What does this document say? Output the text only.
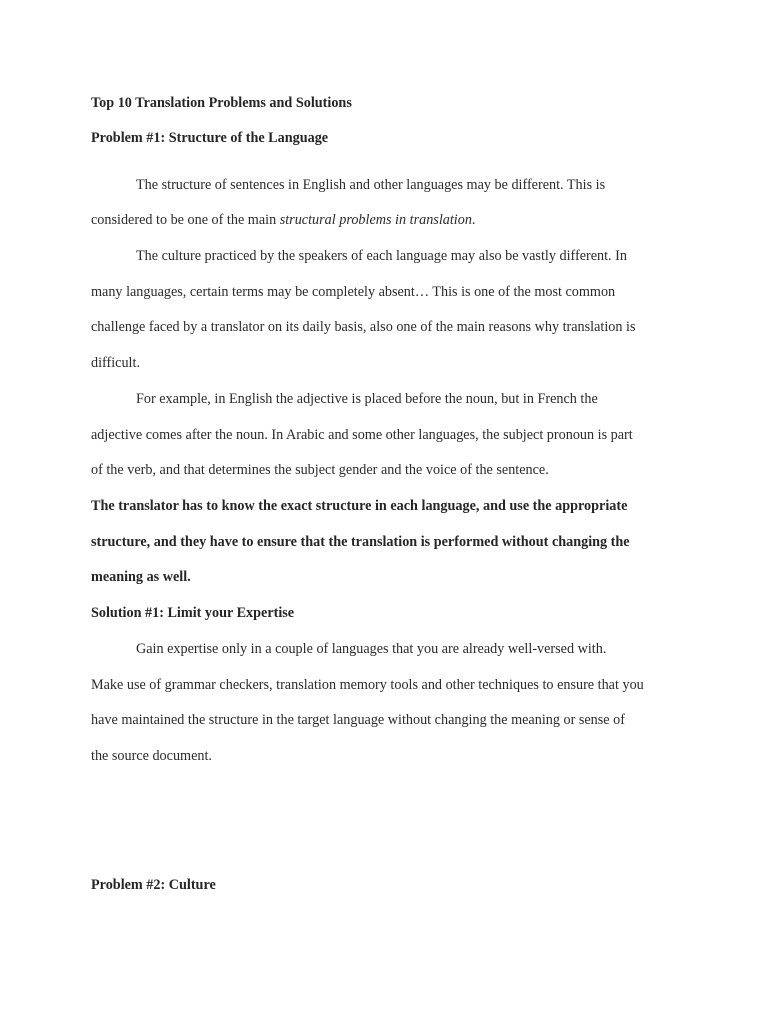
Top 10 Translation Problems and Solutions
Problem #1: Structure of the Language
The structure of sentences in English and other languages may be different. This is
considered to be one of the main structural problems in translation.
The culture practiced by the speakers of each language may also be vastly different. In
many languages, certain terms may be completely absent… This is one of the most common
challenge faced by a translator on its daily basis, also one of the main reasons why translation is
difficult.
For example, in English the adjective is placed before the noun, but in French the
adjective comes after the noun. In Arabic and some other languages, the subject pronoun is part
of the verb, and that determines the subject gender and the voice of the sentence.
The translator has to know the exact structure in each language, and use the appropriate
structure, and they have to ensure that the translation is performed without changing the
meaning as well.
Solution #1: Limit your Expertise
Gain expertise only in a couple of languages that you are already well-versed with.
Make use of grammar checkers, translation memory tools and other techniques to ensure that you
have maintained the structure in the target language without changing the meaning or sense of
the source document.
Problem #2: Culture
